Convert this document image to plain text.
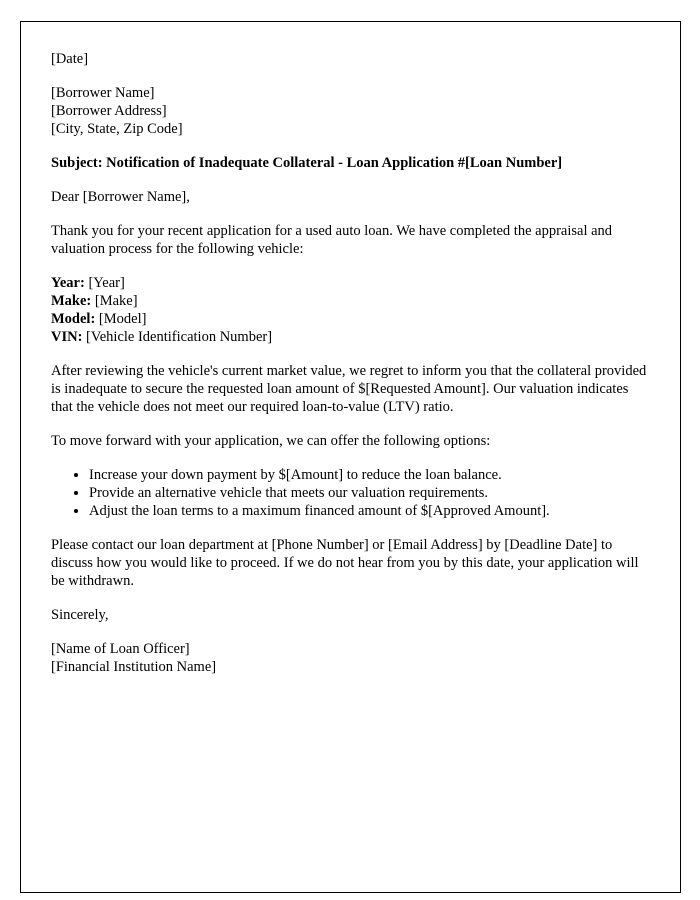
[Date]

[Borrower Name]
[Borrower Address]
[City, State, Zip Code]

Subject: Notification of Inadequate Collateral - Loan Application #[Loan Number]

Dear [Borrower Name],

Thank you for your recent application for a used auto loan. We have completed the appraisal and valuation process for the following vehicle:

Year: [Year]
Make: [Make]
Model: [Model]
VIN: [Vehicle Identification Number]

After reviewing the vehicle's current market value, we regret to inform you that the collateral provided is inadequate to secure the requested loan amount of $[Requested Amount]. Our valuation indicates that the vehicle does not meet our required loan-to-value (LTV) ratio.

To move forward with your application, we can offer the following options:

• Increase your down payment by $[Amount] to reduce the loan balance.
• Provide an alternative vehicle that meets our valuation requirements.
• Adjust the loan terms to a maximum financed amount of $[Approved Amount].

Please contact our loan department at [Phone Number] or [Email Address] by [Deadline Date] to discuss how you would like to proceed. If we do not hear from you by this date, your application will be withdrawn.

Sincerely,

[Name of Loan Officer]
[Financial Institution Name]
